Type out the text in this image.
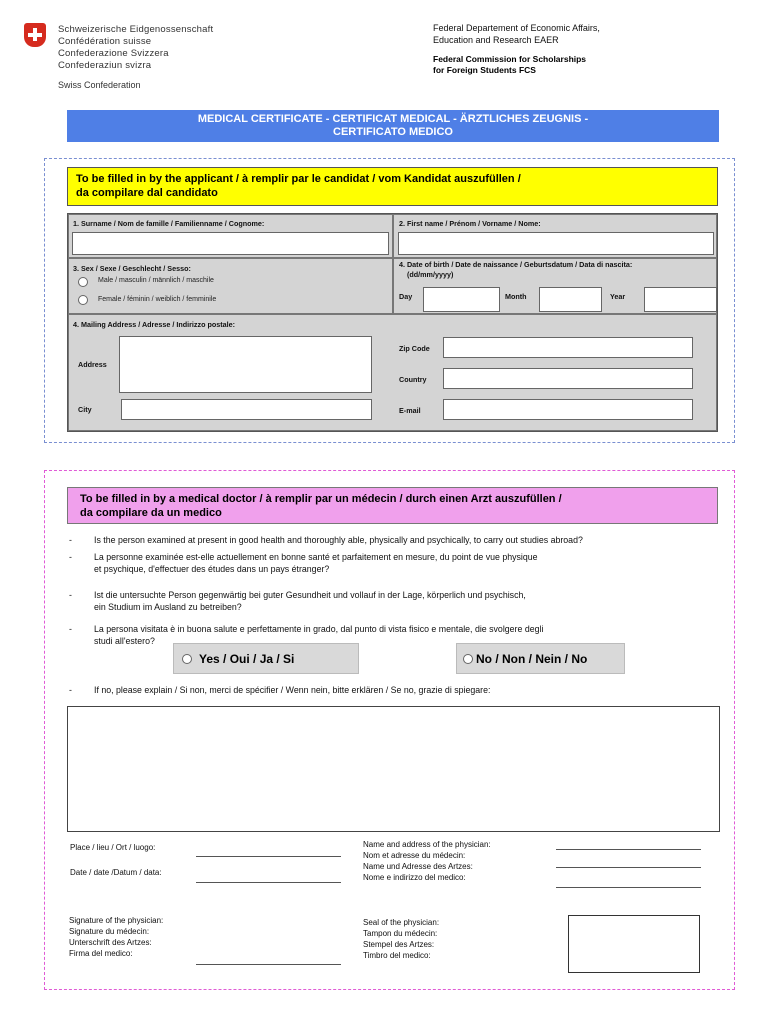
Schweizerische Eidgenossenschaft
Confédération suisse
Confederazione Svizzera
Confederaziun svizra
Swiss Confederation
Federal Departement of Economic Affairs,
Education and Research EAER
Federal Commission for Scholarships
for Foreign Students FCS
MEDICAL CERTIFICATE - CERTIFICAT MEDICAL - ÄRZTLICHES ZEUGNIS -
CERTIFICATO MEDICO
To be filled in by the applicant / à remplir par le candidat / vom Kandidat auszufüllen /
da compilare dal candidato
1. Surname / Nom de famille / Familienname / Cognome:	2. First name / Prénom / Vorname / Nome:
3. Sex / Sexe / Geschlecht / Sesso:
Male / masculin / männlich / maschile
Female / féminin / weiblich / femminile
4. Date of birth / Date de naissance / Geburtsdatum / Data di nascita:
(dd/mm/yyyy)
Day	Month	Year
4. Mailing Address / Adresse / Indirizzo postale:
Address
City
Zip Code
Country
E-mail
To be filled in by a medical doctor / à remplir par un médecin / durch einen Arzt auszufüllen /
da compilare da un medico
-	Is the person examined at present in good health and thoroughly able, physically and psychically, to carry out studies abroad?
-	La personne examinée est-elle actuellement en bonne santé et parfaitement en mesure, du point de vue physique
et psychique, d'effectuer des études dans un pays étranger?
-	Ist die untersuchte Person gegenwärtig bei guter Gesundheit und vollauf in der Lage, körperlich und psychisch,
ein Studium im Ausland zu betreiben?
-	La persona visitata è in buona salute e perfettamente in grado, dal punto di vista fisico e mentale, die svolgere degli
studi all'estero?
Yes / Oui / Ja / Si	No / Non / Nein / No
-	If no, please explain / Si non, merci de spécifier / Wenn nein, bitte erklären / Se no, grazie di spiegare:
Place / lieu / Ort / luogo:
Date / date /Datum / data:
Name and address of the physician:
Nom et adresse du médecin:
Name und Adresse des Artzes:
Nome e indirizzo del medico:
Signature of the physician:
Signature du médecin:
Unterschrift des Artzes:
Firma del medico:
Seal of the physician:
Tampon du médecin:
Stempel des Artzes:
Timbro del medico:
